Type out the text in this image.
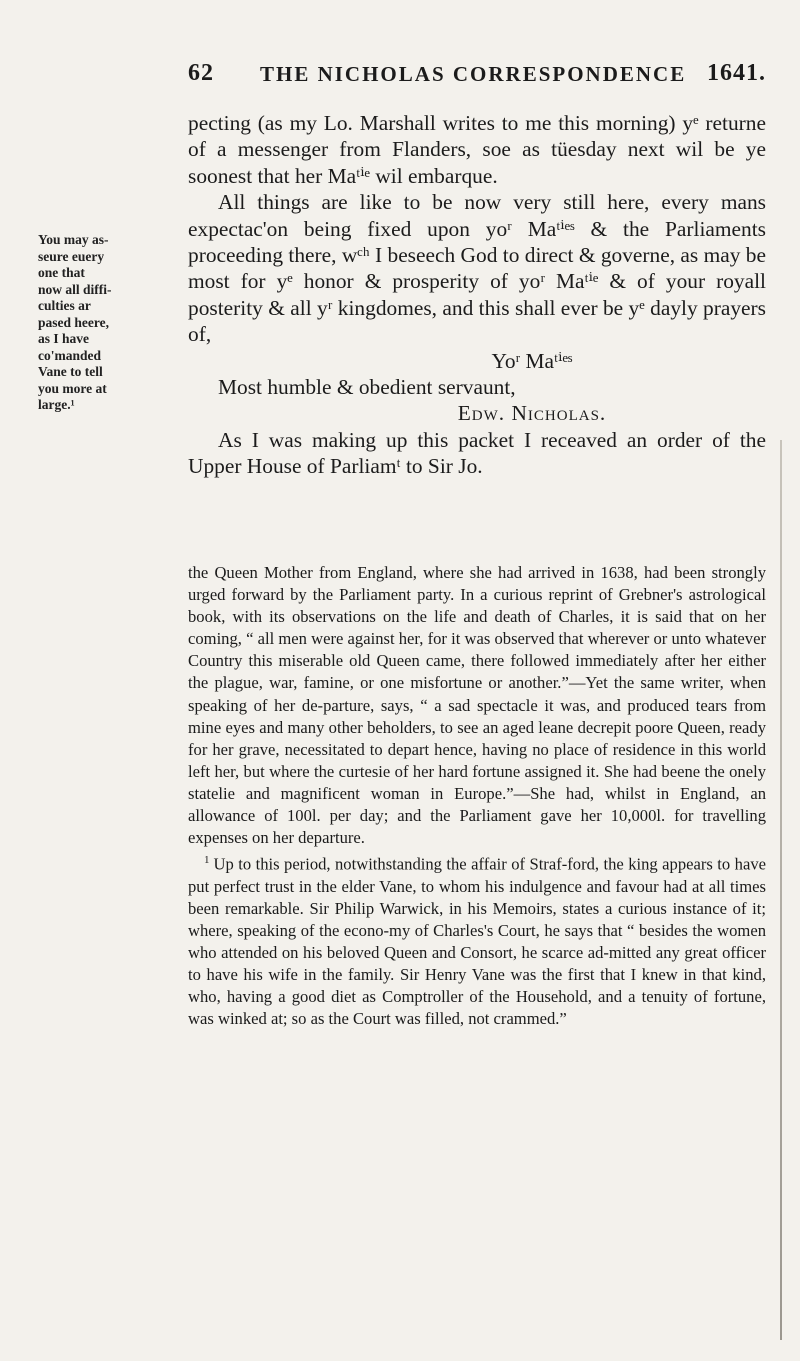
62 THE NICHOLAS CORRESPONDENCE 1641.
You may as-
seure euery
one that
now all diffi-
culties ar
pased heere,
as I have
co'manded
Vane to tell
you more at
large.¹

pecting (as my Lo. Marshall writes to me this morning) yᵉ returne of a messenger from Flanders, soe as tüesday next wil be ye soonest that her Maᵗⁱᵉ wil embarque.

All things are like to be now very still here, every mans expectac'on being fixed upon yoʳ Maᵗⁱᵉˢ & the Parliaments proceeding there, wᶜʰ I beseech God to direct & governe, as may be most for yᵉ honor & prosperity of yoʳ Maᵗⁱᵉ & of your royall posterity & all yʳ kingdomes, and this shall ever be yᵉ dayly prayers of,

Yoʳ Maᵗⁱᵉˢ

Most humble & obedient servaunt,

Edw. Nicholas.

As I was making up this packet I receaved an order of the Upper House of Parliamᵗ to Sir Jo.

the Queen Mother from England, where she had arrived in 1638, had been strongly urged forward by the Parliament party. In a curious reprint of Grebner's astrological book, with its observations on the life and death of Charles, it is said that on her coming, “ all men were against her, for it was observed that wherever or unto whatever Country this miserable old Queen came, there followed immediately after her either the plague, war, famine, or one misfortune or another.”—Yet the same writer, when speaking of her de-parture, says, “ a sad spectacle it was, and produced tears from mine eyes and many other beholders, to see an aged leane decrepit poore Queen, ready for her grave, necessitated to depart hence, having no place of residence in this world left her, but where the curtesie of her hard fortune assigned it. She had beene the onely statelie and magnificent woman in Europe.”—She had, whilst in England, an allowance of 100l. per day; and the Parliament gave her 10,000l. for travelling expenses on her departure.

$^1$ Up to this period, notwithstanding the affair of Straf-ford, the king appears to have put perfect trust in the elder Vane, to whom his indulgence and favour had at all times been remarkable. Sir Philip Warwick, in his Memoirs, states a curious instance of it; where, speaking of the econo-my of Charles's Court, he says that “ besides the women who attended on his beloved Queen and Consort, he scarce ad-mitted any great officer to have his wife in the family. Sir Henry Vane was the first that I knew in that kind, who, having a good diet as Comptroller of the Household, and a tenuity of fortune, was winked at; so as the Court was filled, not crammed.”
